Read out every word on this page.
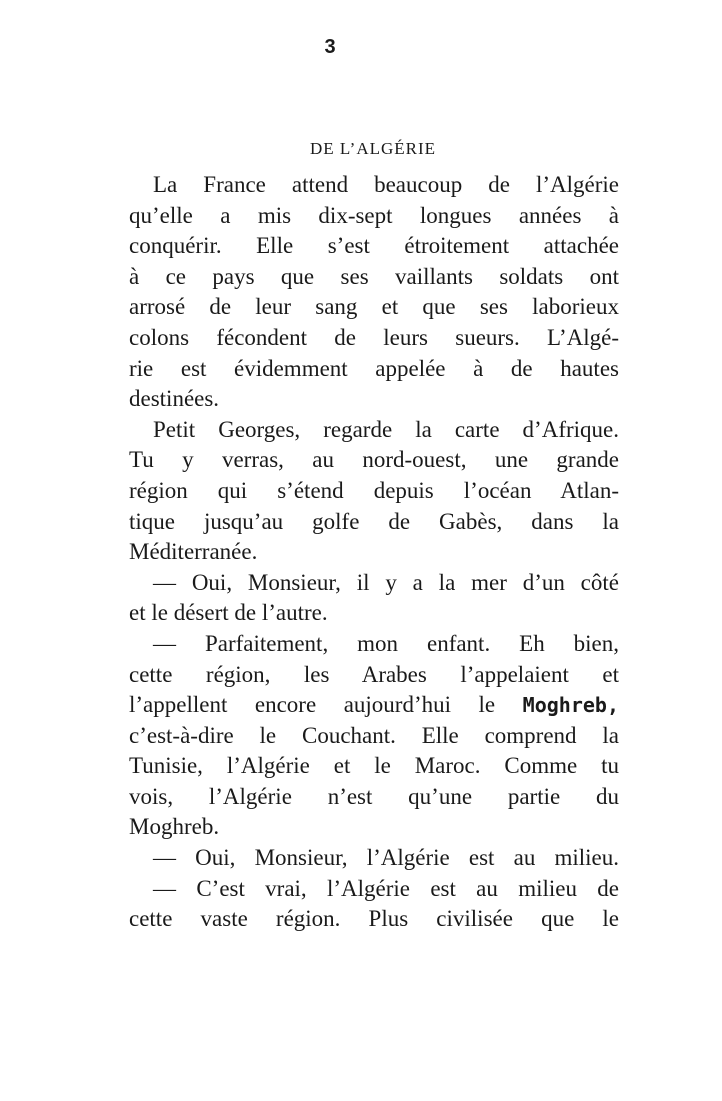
3
DE L’ALGÉRIE
La France attend beaucoup de l’Algérie
qu’elle a mis dix-sept longues années à
conquérir. Elle s’est étroitement attachée
à ce pays que ses vaillants soldats ont
arrosé de leur sang et que ses laborieux
colons fécondent de leurs sueurs. L’Algé-
rie est évidemment appelée à de hautes
destinées.
Petit Georges, regarde la carte d’Afrique.
Tu y verras, au nord-ouest, une grande
région qui s’étend depuis l’océan Atlan-
tique jusqu’au golfe de Gabès, dans la
Méditerranée.
— Oui, Monsieur, il y a la mer d’un côté
et le désert de l’autre.
— Parfaitement, mon enfant. Eh bien,
cette région, les Arabes l’appelaient et
l’appellent encore aujourd’hui le Moghreb,
c’est-à-dire le Couchant. Elle comprend la
Tunisie, l’Algérie et le Maroc. Comme tu
vois, l’Algérie n’est qu’une partie du
Moghreb.
— Oui, Monsieur, l’Algérie est au milieu.
— C’est vrai, l’Algérie est au milieu de
cette vaste région. Plus civilisée que le
